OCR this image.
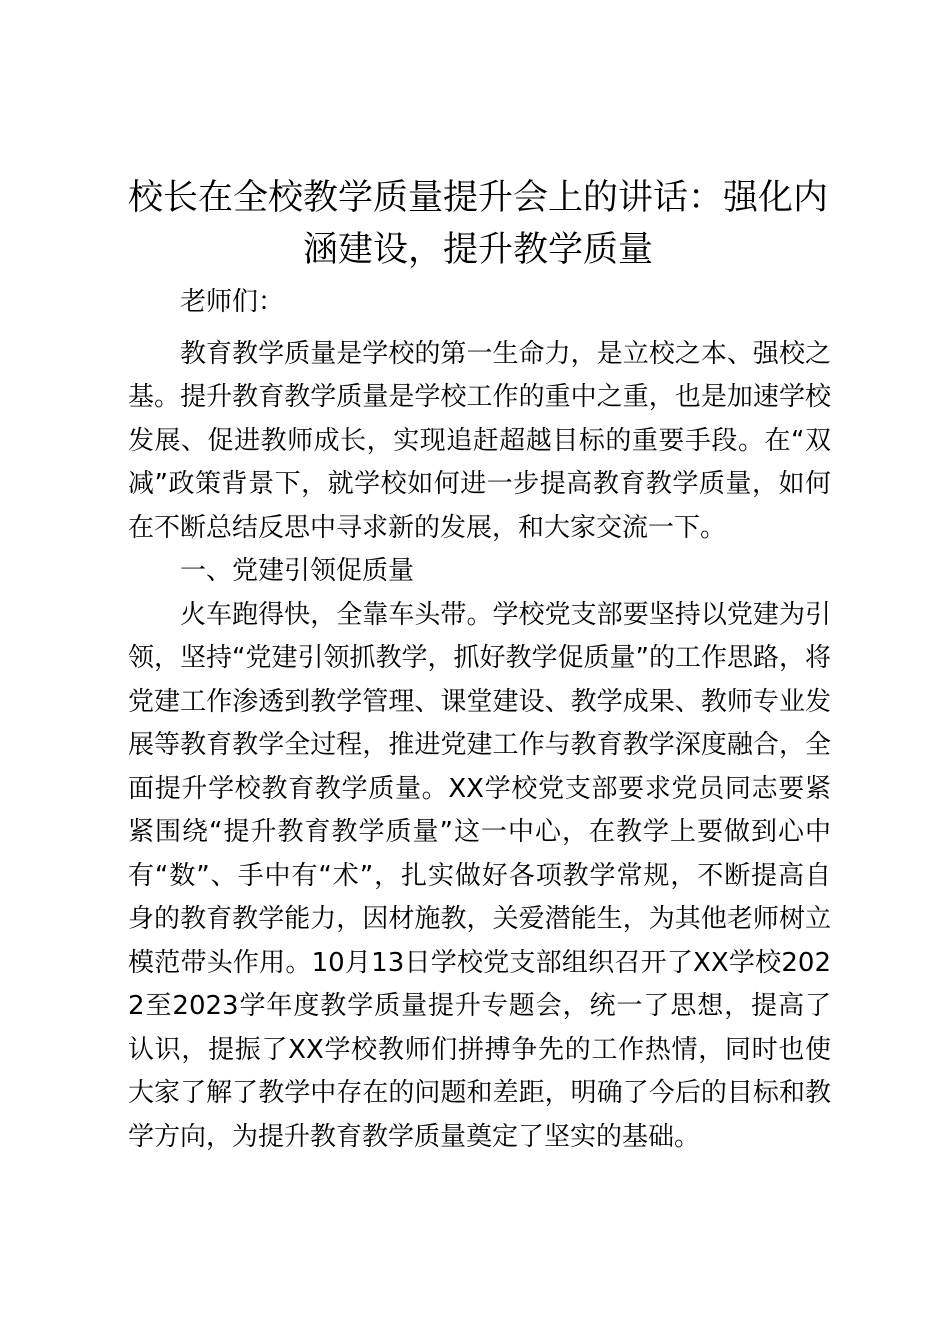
校长在全校教学质量提升会上的讲话：强化内涵建设，提升教学质量

老师们：

教育教学质量是学校的第一生命力，是立校之本、强校之基。提升教育教学质量是学校工作的重中之重，也是加速学校发展、促进教师成长，实现追赶超越目标的重要手段。在“双减”政策背景下，就学校如何进一步提高教育教学质量，如何在不断总结反思中寻求新的发展，和大家交流一下。

一、党建引领促质量

火车跑得快，全靠车头带。学校党支部要坚持以党建为引领，坚持“党建引领抓教学，抓好教学促质量”的工作思路，将党建工作渗透到教学管理、课堂建设、教学成果、教师专业发展等教育教学全过程，推进党建工作与教育教学深度融合，全面提升学校教育教学质量。XX学校党支部要求党员同志要紧紧围绕“提升教育教学质量”这一中心，在教学上要做到心中有“数”、手中有“术”，扎实做好各项教学常规，不断提高自身的教育教学能力，因材施教，关爱潜能生，为其他老师树立模范带头作用。10月13日学校党支部组织召开了XX学校2022至2023学年度教学质量提升专题会，统一了思想，提高了认识，提振了XX学校教师们拼搏争先的工作热情，同时也使大家了解了教学中存在的问题和差距，明确了今后的目标和教学方向，为提升教育教学质量奠定了坚实的基础。
